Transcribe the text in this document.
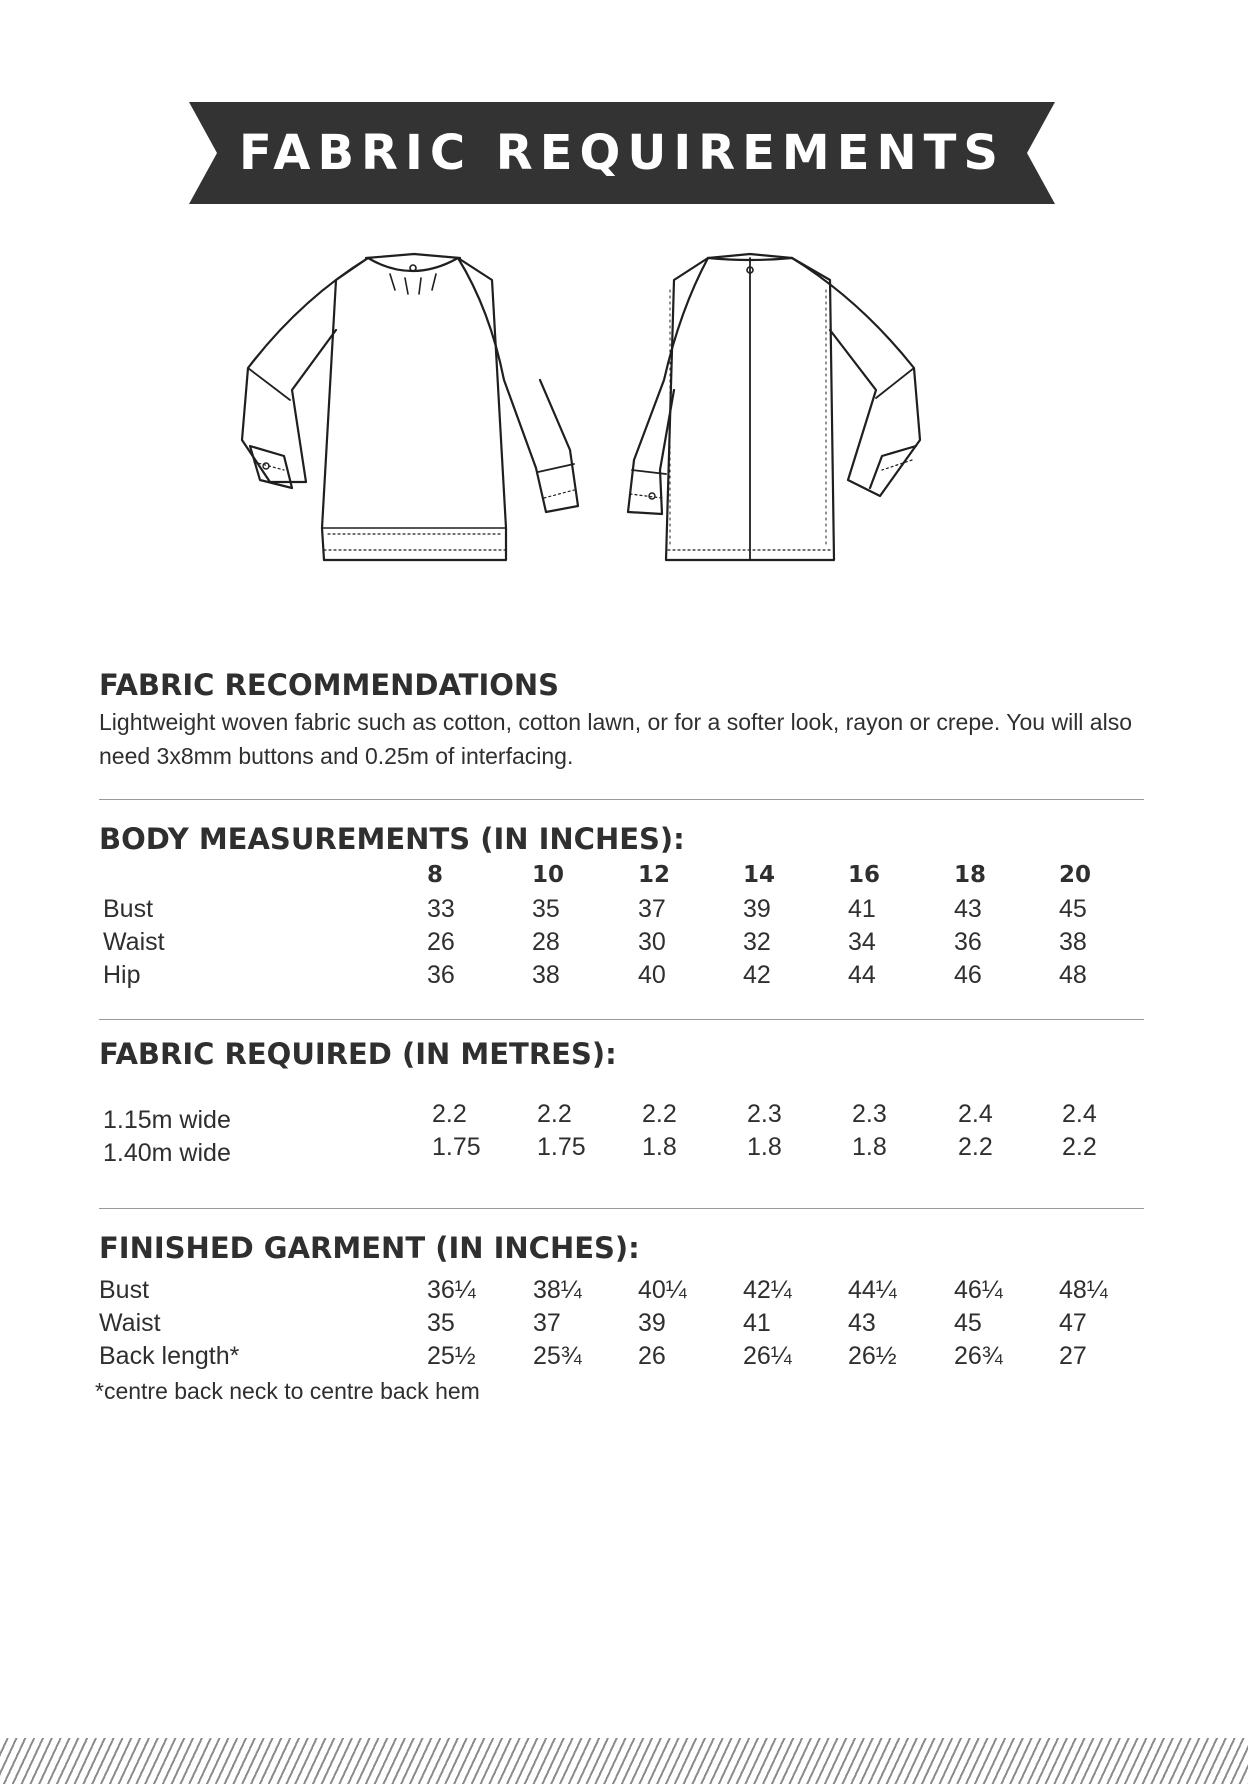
FABRIC REQUIREMENTS
FABRIC RECOMMENDATIONS

Lightweight woven fabric such as cotton, cotton lawn, or for a softer look, rayon or crepe. You will also need 3x8mm buttons and 0.25m of interfacing.

BODY MEASUREMENTS (IN INCHES):
8	10	12	14	16	18	20
Bust	33	35	37	39	41	43	45
Waist	26	28	30	32	34	36	38
Hip	36	38	40	42	44	46	48
FABRIC REQUIRED (IN METRES):
1.15m wide	2.2	2.2	2.2	2.3	2.3	2.4	2.4
1.40m wide	1.75 1.75 1.8	1.8	1.8	2.2	2.2
FINISHED GARMENT (IN INCHES):
Bust	36¼ 38¼ 40¼ 42¼ 44¼ 46¼ 48¼
Waist	35	37	39	41	43	45	47
Back length*	25½ 25¾ 26	26¼ 26½ 26¾ 27

*centre back neck to centre back hem
